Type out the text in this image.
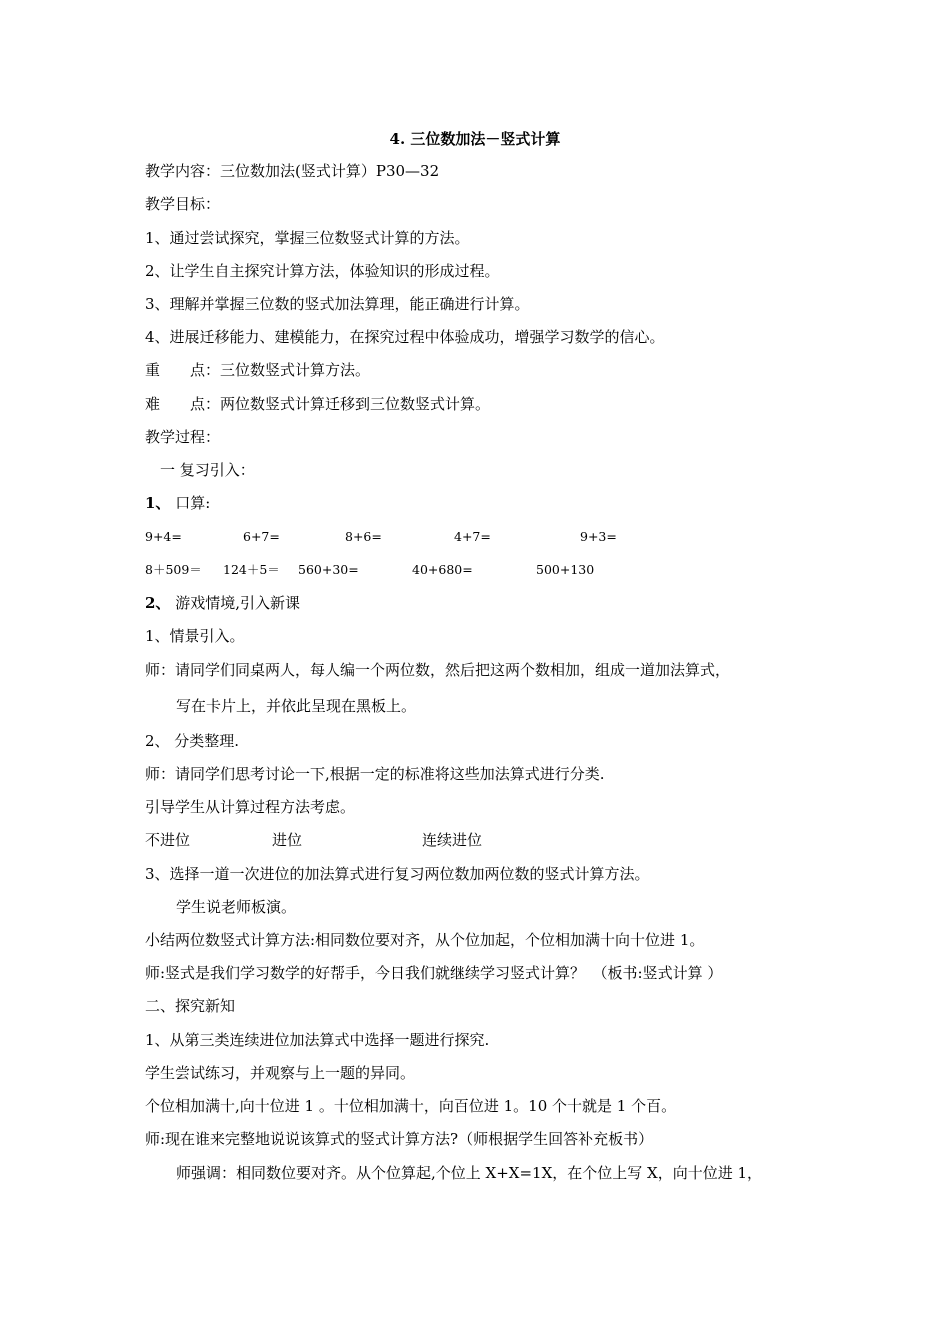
4. 三位数加法－竖式计算
教学内容：三位数加法(竖式计算）P30—32
教学目标：
1、通过尝试探究，掌握三位数竖式计算的方法。
2、让学生自主探究计算方法，体验知识的形成过程。
3、理解并掌握三位数的竖式加法算理，能正确进行计算。
4、进展迁移能力、建模能力，在探究过程中体验成功，增强学习数学的信心。
重　　点：三位数竖式计算方法。
难　　点：两位数竖式计算迁移到三位数竖式计算。
教学过程：
一 复习引入：
1、 口算:
9+4=	6+7=	8+6=	4+7=	9+3=
8＋509＝ 124＋5＝ 560+30=	40+680=	500+130
2、 游戏情境,引入新课
1、情景引入。
师：请同学们同桌两人，每人编一个两位数，然后把这两个数相加，组成一道加法算式，
写在卡片上，并依此呈现在黑板上。
2、 分类整理.
师：请同学们思考讨论一下,根据一定的标准将这些加法算式进行分类.
引导学生从计算过程方法考虑。
不进位	进位	连续进位
3、选择一道一次进位的加法算式进行复习两位数加两位数的竖式计算方法。
学生说老师板演。
小结两位数竖式计算方法:相同数位要对齐，从个位加起，个位相加满十向十位进 1。
师:竖式是我们学习数学的好帮手，今日我们就继续学习竖式计算？　（板书:竖式计算 ）
二、探究新知
1、从第三类连续进位加法算式中选择一题进行探究.
学生尝试练习，并观察与上一题的异同。
个位相加满十,向十位进 1 。十位相加满十，向百位进 1。10 个十就是 1 个百。
师:现在谁来完整地说说该算式的竖式计算方法?（师根据学生回答补充板书）
师强调：相同数位要对齐。从个位算起,个位上 X+X=1X，在个位上写 X，向十位进 1，
